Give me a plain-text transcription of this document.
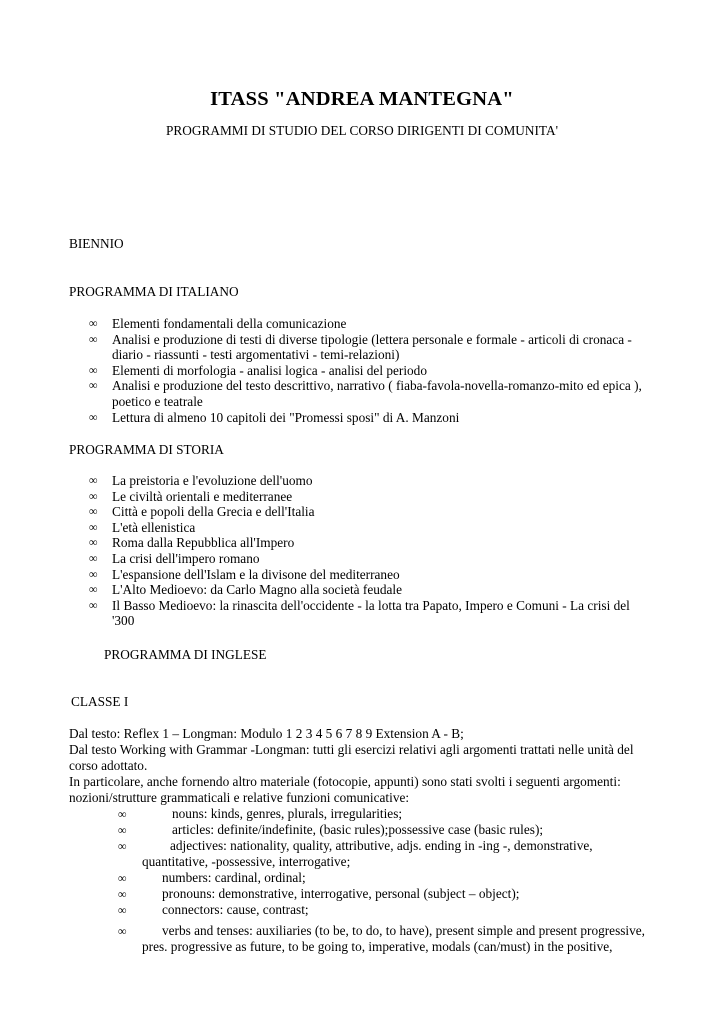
ITASS "ANDREA MANTEGNA"
PROGRAMMI DI STUDIO DEL CORSO DIRIGENTI DI COMUNITA'
BIENNIO
PROGRAMMA DI ITALIANO
∞ Elementi fondamentali della comunicazione
∞ Analisi e produzione di testi di diverse tipologie (lettera personale e formale - articoli di cronaca -
diario - riassunti - testi argomentativi - temi-relazioni)
∞ Elementi di morfologia - analisi logica - analisi del periodo
∞ Analisi e produzione del testo descrittivo, narrativo ( fiaba-favola-novella-romanzo-mito ed epica ),
poetico e teatrale
∞ Lettura di almeno 10 capitoli dei "Promessi sposi" di A. Manzoni
PROGRAMMA DI STORIA
∞ La preistoria e l'evoluzione dell'uomo
∞ Le civiltà orientali e mediterranee
∞ Città e popoli della Grecia e dell'Italia
∞ L'età ellenistica
∞ Roma dalla Repubblica all'Impero
∞ La crisi dell'impero romano
∞ L'espansione dell'Islam e la divisone del mediterraneo
∞ L'Alto Medioevo: da Carlo Magno alla società feudale
∞ Il Basso Medioevo: la rinascita dell'occidente - la lotta tra Papato, Impero e Comuni - La crisi del
'300
PROGRAMMA DI INGLESE
CLASSE I
Dal testo: Reflex 1 – Longman: Modulo 1 2 3 4 5 6 7 8 9 Extension A - B;
Dal testo Working with Grammar -Longman: tutti gli esercizi relativi agli argomenti trattati nelle unità del
corso adottato.
In particolare, anche fornendo altro materiale (fotocopie, appunti) sono stati svolti i seguenti argomenti:
nozioni/strutture grammaticali e relative funzioni comunicative:
∞	nouns: kinds, genres, plurals, irregularities;
∞	articles: definite/indefinite, (basic rules);possessive case (basic rules);
∞	adjectives: nationality, quality, attributive, adjs. ending in -ing -, demonstrative,
quantitative, -possessive, interrogative;
∞	numbers: cardinal, ordinal;
∞	pronouns: demonstrative, interrogative, personal (subject – object);
∞	connectors: cause, contrast;
∞	verbs and tenses: auxiliaries (to be, to do, to have), present simple and present progressive,
pres. progressive as future, to be going to, imperative, modals (can/must) in the positive,
